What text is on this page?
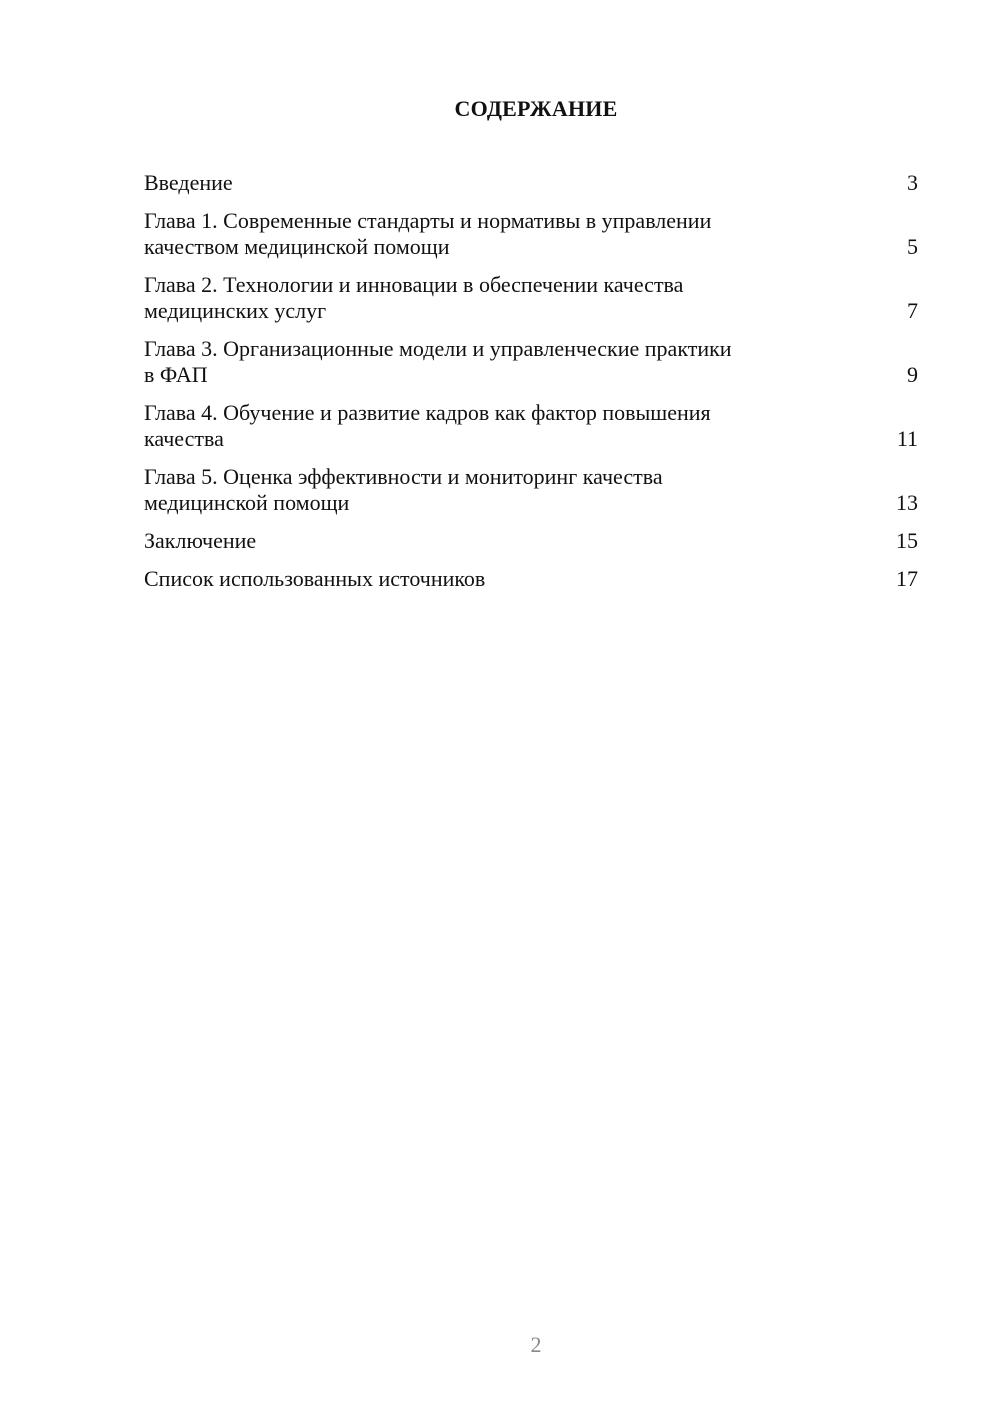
СОДЕРЖАНИЕ
Введение	3
Глава 1. Современные стандарты и нормативы в управлении
качеством медицинской помощи	5
Глава 2. Технологии и инновации в обеспечении качества
медицинских услуг	7
Глава 3. Организационные модели и управленческие практики
в ФАП	9
Глава 4. Обучение и развитие кадров как фактор повышения
качества	11
Глава 5. Оценка эффективности и мониторинг качества
медицинской помощи	13
Заключение	15
Список использованных источников	17
2
